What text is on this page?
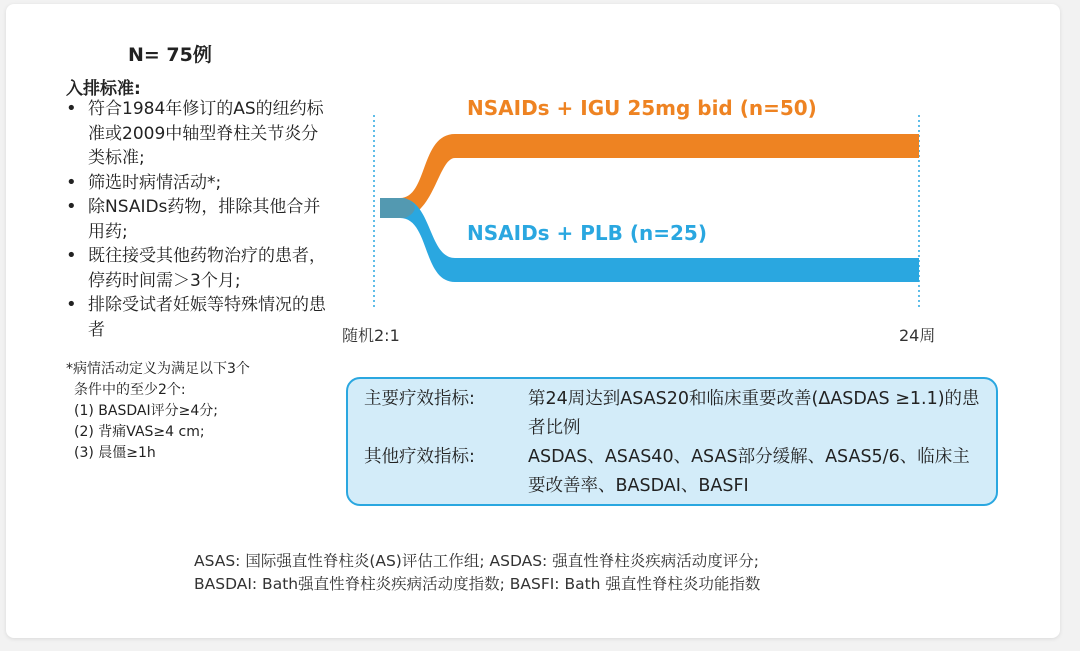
N= 75例
入排标准:
• 符合1984年修订的AS的纽约标准或2009中轴型脊柱关节炎分类标准;
• 筛选时病情活动*;
• 除NSAIDs药物，排除其他合并用药;
• 既往接受其他药物治疗的患者，停药时间需＞3个月;
• 排除受试者妊娠等特殊情况的患者
*病情活动定义为满足以下3个
条件中的至少2个:
(1) BASDAI评分≥4分;
(2) 背痛VAS≥4 cm;
(3) 晨僵≥1h
NSAIDs + IGU 25mg bid (n=50)
NSAIDs + PLB (n=25)
随机2:1	24周
主要疗效指标:	第24周达到ASAS20和临床重要改善(ΔASDAS ≥1.1)的患者比例
其他疗效指标:	ASDAS、ASAS40、ASAS部分缓解、ASAS5/6、临床主要改善率、BASDAI、BASFI
ASAS: 国际强直性脊柱炎(AS)评估工作组; ASDAS: 强直性脊柱炎疾病活动度评分;
BASDAI: Bath强直性脊柱炎疾病活动度指数; BASFI: Bath 强直性脊柱炎功能指数
